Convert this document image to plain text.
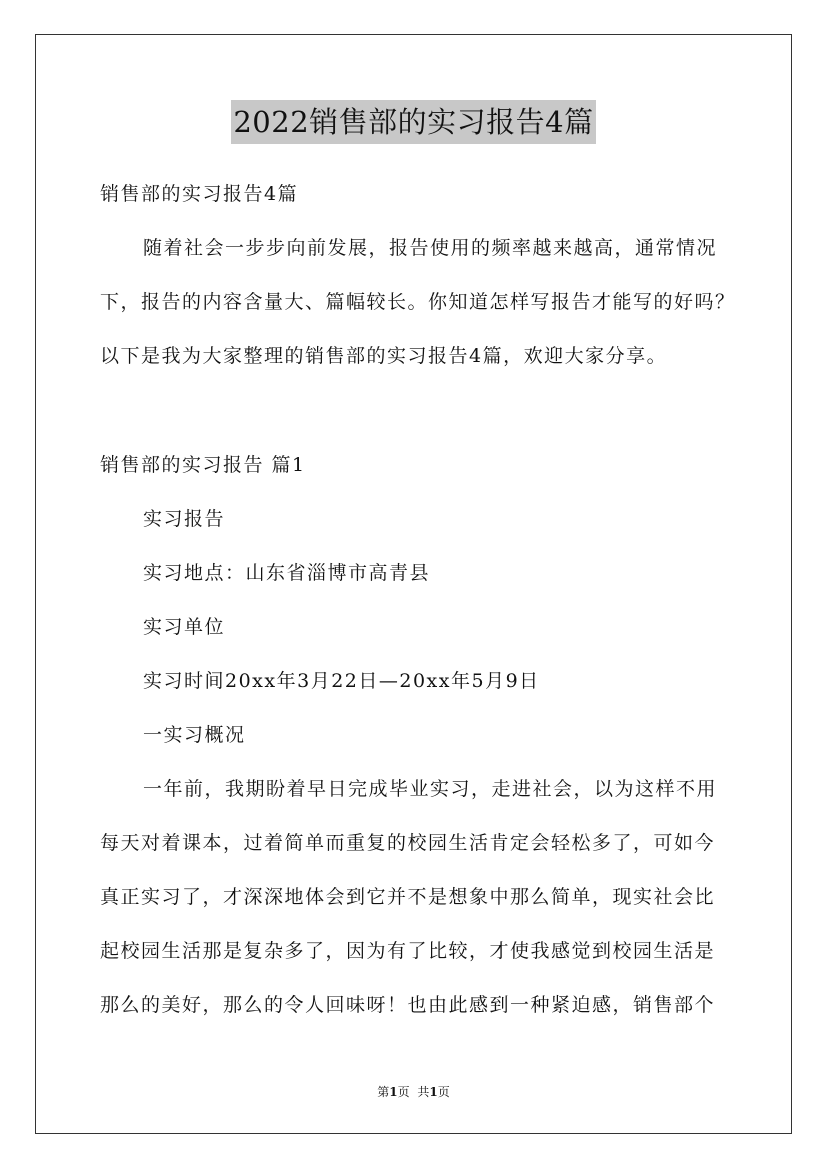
2022销售部的实习报告4篇
销售部的实习报告4篇
随着社会一步步向前发展，报告使用的频率越来越高，通常情况
下，报告的内容含量大、篇幅较长。你知道怎样写报告才能写的好吗？
以下是我为大家整理的销售部的实习报告4篇，欢迎大家分享。
销售部的实习报告 篇1
实习报告
实习地点：山东省淄博市高青县
实习单位
实习时间20xx年3月22日—20xx年5月9日
一实习概况
一年前，我期盼着早日完成毕业实习，走进社会，以为这样不用
每天对着课本，过着简单而重复的校园生活肯定会轻松多了，可如今
真正实习了，才深深地体会到它并不是想象中那么简单，现实社会比
起校园生活那是复杂多了，因为有了比较，才使我感觉到校园生活是
那么的美好，那么的令人回味呀！也由此感到一种紧迫感，销售部个
第1页 共1页
